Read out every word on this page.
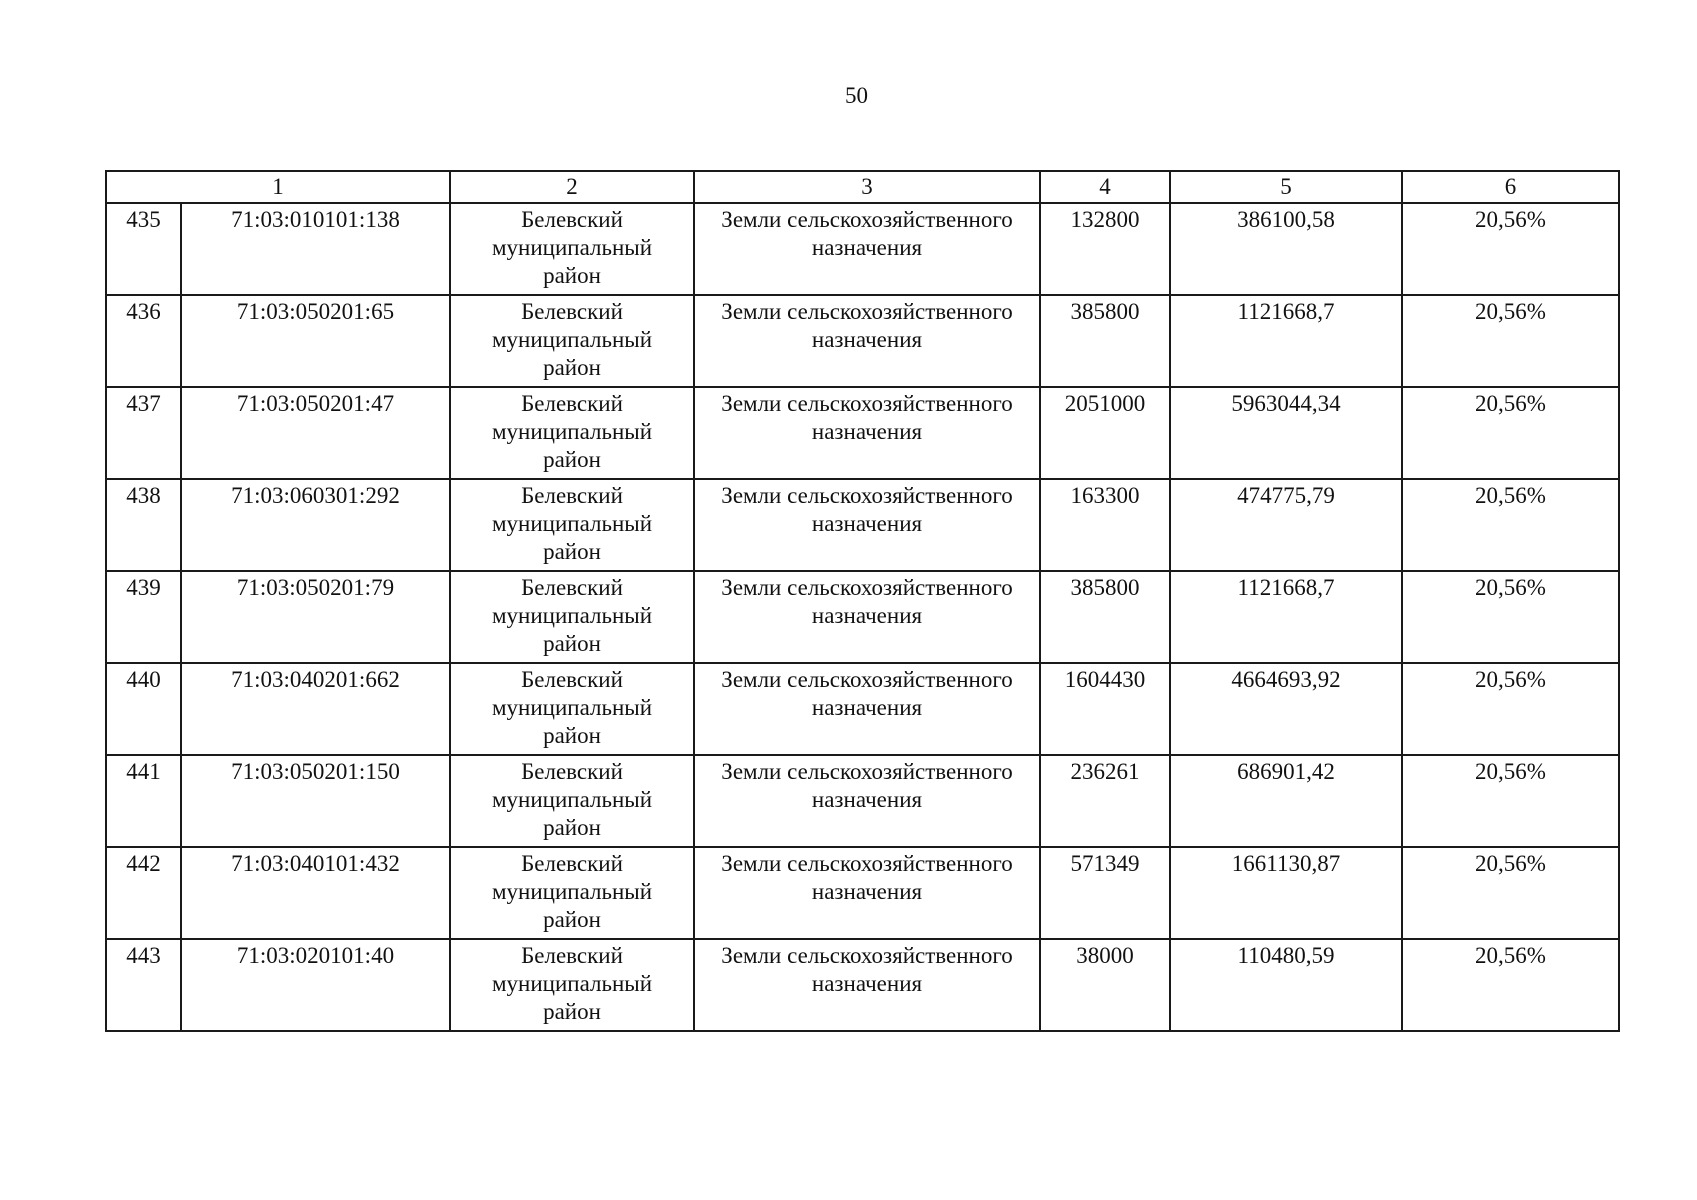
50
1		2	3	4	5	6
435	71:03:010101:138	Белевский
муниципальный
район	Земли сельскохозяйственного
назначения	132800	386100,58	20,56%
436	71:03:050201:65	Белевский
муниципальный
район	Земли сельскохозяйственного
назначения	385800	1121668,7	20,56%
437	71:03:050201:47	Белевский
муниципальный
район	Земли сельскохозяйственного
назначения	2051000	5963044,34	20,56%
438	71:03:060301:292	Белевский
муниципальный
район	Земли сельскохозяйственного
назначения	163300	474775,79	20,56%
439	71:03:050201:79	Белевский
муниципальный
район	Земли сельскохозяйственного
назначения	385800	1121668,7	20,56%
440	71:03:040201:662	Белевский
муниципальный
район	Земли сельскохозяйственного
назначения	1604430	4664693,92	20,56%
441	71:03:050201:150	Белевский
муниципальный
район	Земли сельскохозяйственного
назначения	236261	686901,42	20,56%
442	71:03:040101:432	Белевский
муниципальный
район	Земли сельскохозяйственного
назначения	571349	1661130,87	20,56%
443	71:03:020101:40	Белевский
муниципальный
район	Земли сельскохозяйственного
назначения	38000	110480,59	20,56%
